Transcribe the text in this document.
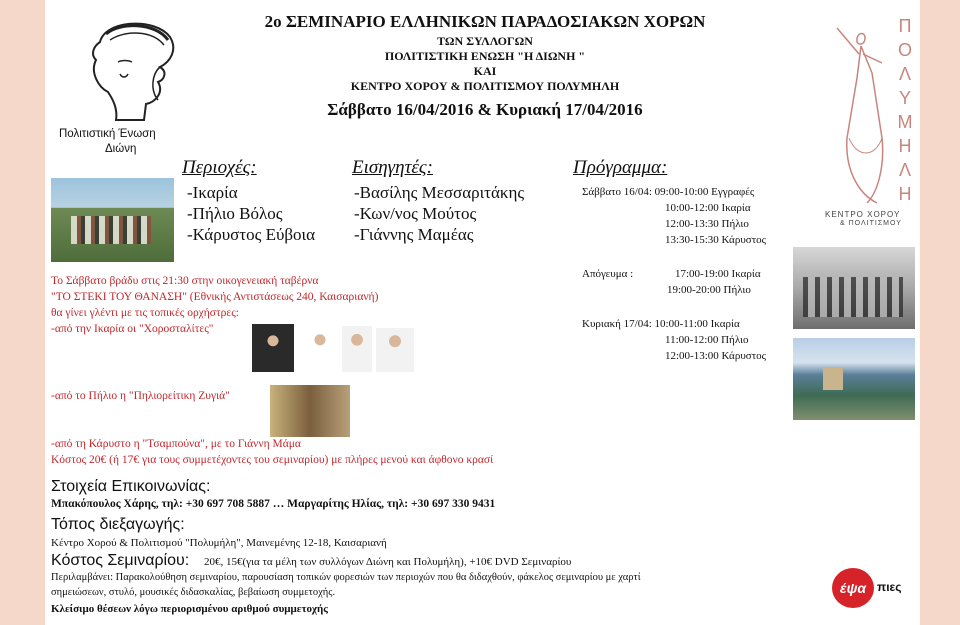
Πολιτιστική Ένωση
Διώνη
ΠΟΛΥΜΗΛΗ
ΚΕΝΤΡΟ ΧΟΡΟΥ
& ΠΟΛΙΤΙΣΜΟΥ
2ο ΣΕΜΙΝΑΡΙΟ ΕΛΛΗΝΙΚΩΝ ΠΑΡΑΔΟΣΙΑΚΩΝ ΧΟΡΩΝ
ΤΩΝ ΣΥΛΛΟΓΩΝ
ΠΟΛΙΤΙΣΤΙΚΗ ΕΝΩΣΗ "Η ΔΙΩΝΗ "
ΚΑΙ
ΚΕΝΤΡΟ ΧΟΡΟΥ & ΠΟΛΙΤΙΣΜΟΥ ΠΟΛΥΜΗΛΗ
Σάββατο 16/04/2016 & Κυριακή 17/04/2016
Περιοχές:
-Ικαρία
-Πήλιο Βόλος
-Κάρυστος Εύβοια
Εισηγητές:
-Βασίλης Μεσσαριτάκης
-Κων/νος Μούτος
-Γιάννης Μαμέας
Πρόγραμμα:
Σάββατο 16/04: 09:00-10:00 Εγγραφές
10:00-12:00 Ικαρία
12:00-13:30 Πήλιο
13:30-15:30 Κάρυστος
Απόγευμα :	17:00-19:00 Ικαρία
19:00-20:00 Πήλιο
Κυριακή 17/04: 10:00-11:00 Ικαρία
11:00-12:00 Πήλιο
12:00-13:00 Κάρυστος
Το Σάββατο βράδυ στις 21:30 στην οικογενειακή ταβέρνα
"ΤΟ ΣΤΕΚΙ ΤΟΥ ΘΑΝΑΣΗ" (Εθνικής Αντιστάσεως 240, Καισαριανή)
θα γίνει γλέντι με τις τοπικές ορχήστρες:
-από την Ικαρία οι "Χοροσταλίτες"
-από το Πήλιο η "Πηλιορείτικη Ζυγιά"
-από τη Κάρυστο η "Τσαμπούνα", με το Γιάννη Μάμα
Κόστος 20€ (ή 17€ για τους συμμετέχοντες του σεμιναρίου) με πλήρες μενού και άφθονο κρασί
Στοιχεία Επικοινωνίας:
Μπακόπουλος Χάρης, τηλ: +30 697 708 5887 … Μαργαρίτης Ηλίας, τηλ: +30 697 330 9431
Τόπος διεξαγωγής:
Κέντρο Χορού & Πολιτισμού "Πολυμήλη", Μαινεμένης 12-18, Καισαριανή
Κόστος Σεμιναρίου: 20€, 15€(για τα μέλη των συλλόγων Διώνη και Πολυμήλη), +10€ DVD Σεμιναρίου
Περιλαμβάνει: Παρακολούθηση σεμιναρίου, παρουσίαση τοπικών φορεσιών των περιοχών που θα διδαχθούν, φάκελος σεμιναρίου με χαρτί
σημειώσεων, στυλό, μουσικές διδασκαλίας, βεβαίωση συμμετοχής.
Κλείσιμο θέσεων λόγω περιορισμένου αριθμού συμμετοχής
έψα πιες
